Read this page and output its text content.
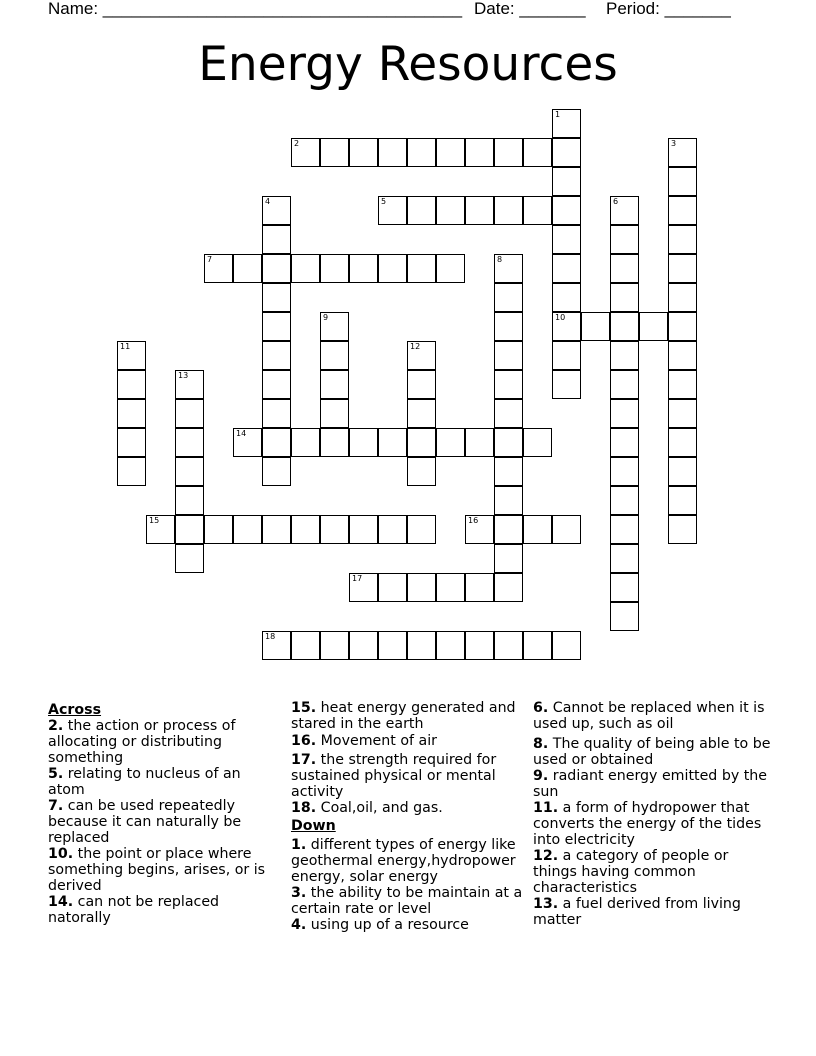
Name: ______________________________________ Date: _______ Period: _______
Energy Resources
1
10
2	3
4	5	6
7	8
9
11	12
13
14
15	16
17
18
Across
2. the action or process of allocating or distributing something
5. relating to nucleus of an atom
7. can be used repeatedly because it can naturally be replaced
10. the point or place where something begins, arises, or is derived
14. can not be replaced natorally
15. heat energy generated and stared in the earth
16. Movement of air
17. the strength required for sustained physical or mental activity
18. Coal,oil, and gas.
Down
1. different types of energy like geothermal energy,hydropower energy, solar energy
3. the ability to be maintain at a certain rate or level
4. using up of a resource
6. Cannot be replaced when it is used up, such as oil
8. The quality of being able to be used or obtained
9. radiant energy emitted by the sun
11. a form of hydropower that converts the energy of the tides into electricity
12. a category of people or things having common characteristics
13. a fuel derived from living matter
